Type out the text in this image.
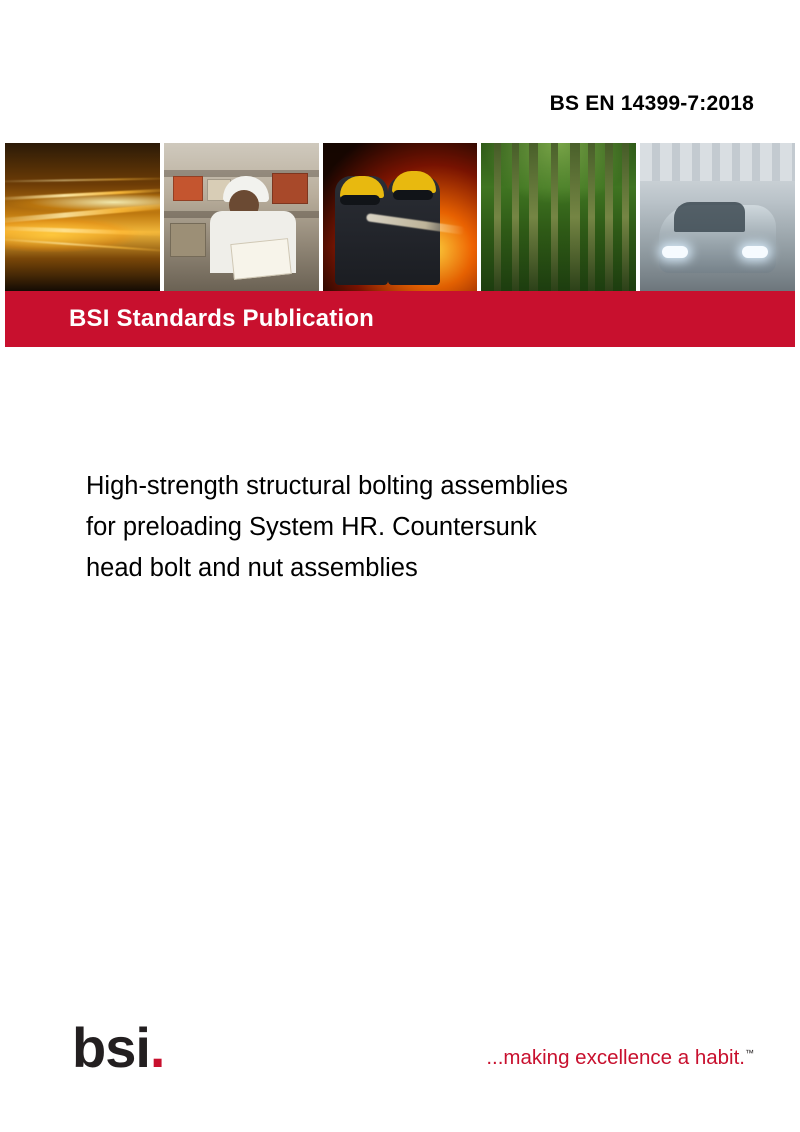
BS EN 14399-7:2018
BSI Standards Publication
High-strength structural bolting assemblies
for preloading System HR. Countersunk
head bolt and nut assemblies
bsi.	...making excellence a habit.™
